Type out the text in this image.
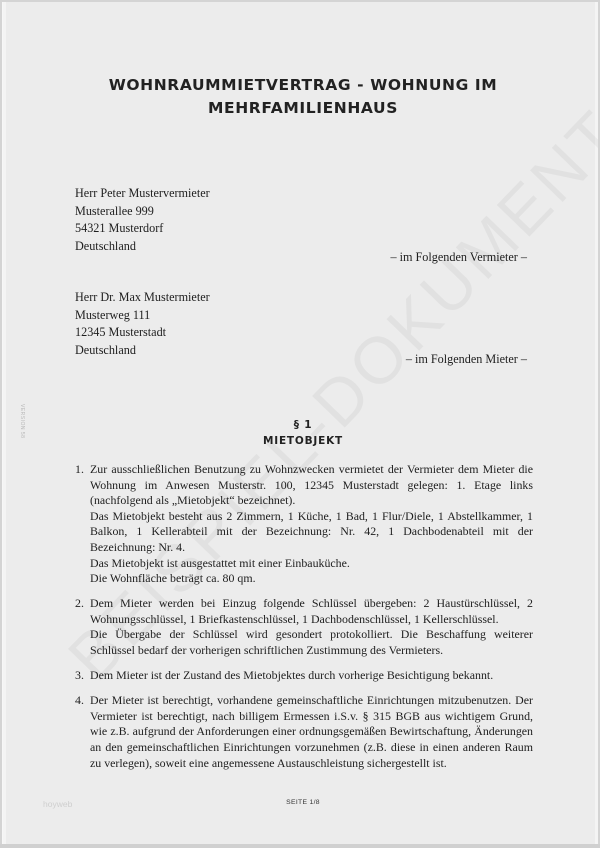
VERSION 58
WOHNRAUMMIETVERTRAG - WOHNUNG IM
MEHRFAMILIENHAUS
Herr Peter Mustervermieter
Musterallee 999
54321 Musterdorf
Deutschland
– im Folgenden Vermieter –
Herr Dr. Max Mustermieter
Musterweg 111
12345 Musterstadt
Deutschland
– im Folgenden Mieter –
§ 1
MIETOBJEKT
1. Zur ausschließlichen Benutzung zu Wohnzwecken vermietet der Vermieter dem Mieter die Wohnung im Anwesen Musterstr. 100, 12345 Musterstadt gelegen: 1. Etage links (nachfolgend als „Mietobjekt“ bezeichnet).

Das Mietobjekt besteht aus 2 Zimmern, 1 Küche, 1 Bad, 1 Flur/Diele, 1 Abstellkammer, 1 Balkon, 1 Kellerabteil mit der Bezeichnung: Nr. 42, 1 Dachbodenabteil mit der Bezeichnung: Nr. 4.

Das Mietobjekt ist ausgestattet mit einer Einbauküche.

Die Wohnfläche beträgt ca. 80 qm.

2. Dem Mieter werden bei Einzug folgende Schlüssel übergeben: 2 Haustürschlüssel, 2 Wohnungsschlüssel, 1 Briefkastenschlüssel, 1 Dachbodenschlüssel, 1 Kellerschlüssel.

Die Übergabe der Schlüssel wird gesondert protokolliert. Die Beschaffung weiterer Schlüssel bedarf der vorherigen schriftlichen Zustimmung des Vermieters.

3. Dem Mieter ist der Zustand des Mietobjektes durch vorherige Besichtigung bekannt.

4. Der Mieter ist berechtigt, vorhandene gemeinschaftliche Einrichtungen mitzubenutzen. Der Vermieter ist berechtigt, nach billigem Ermessen i.S.v. § 315 BGB aus wichtigem Grund, wie z.B. aufgrund der Anforderungen einer ordnungsgemäßen Bewirtschaftung, Änderungen an den gemeinschaftlichen Einrichtungen vorzunehmen (z.B. diese in einen anderen Raum zu verlegen), soweit eine angemessene Austauschleistung sichergestellt ist.

hoyweb	SEITE 1/8
